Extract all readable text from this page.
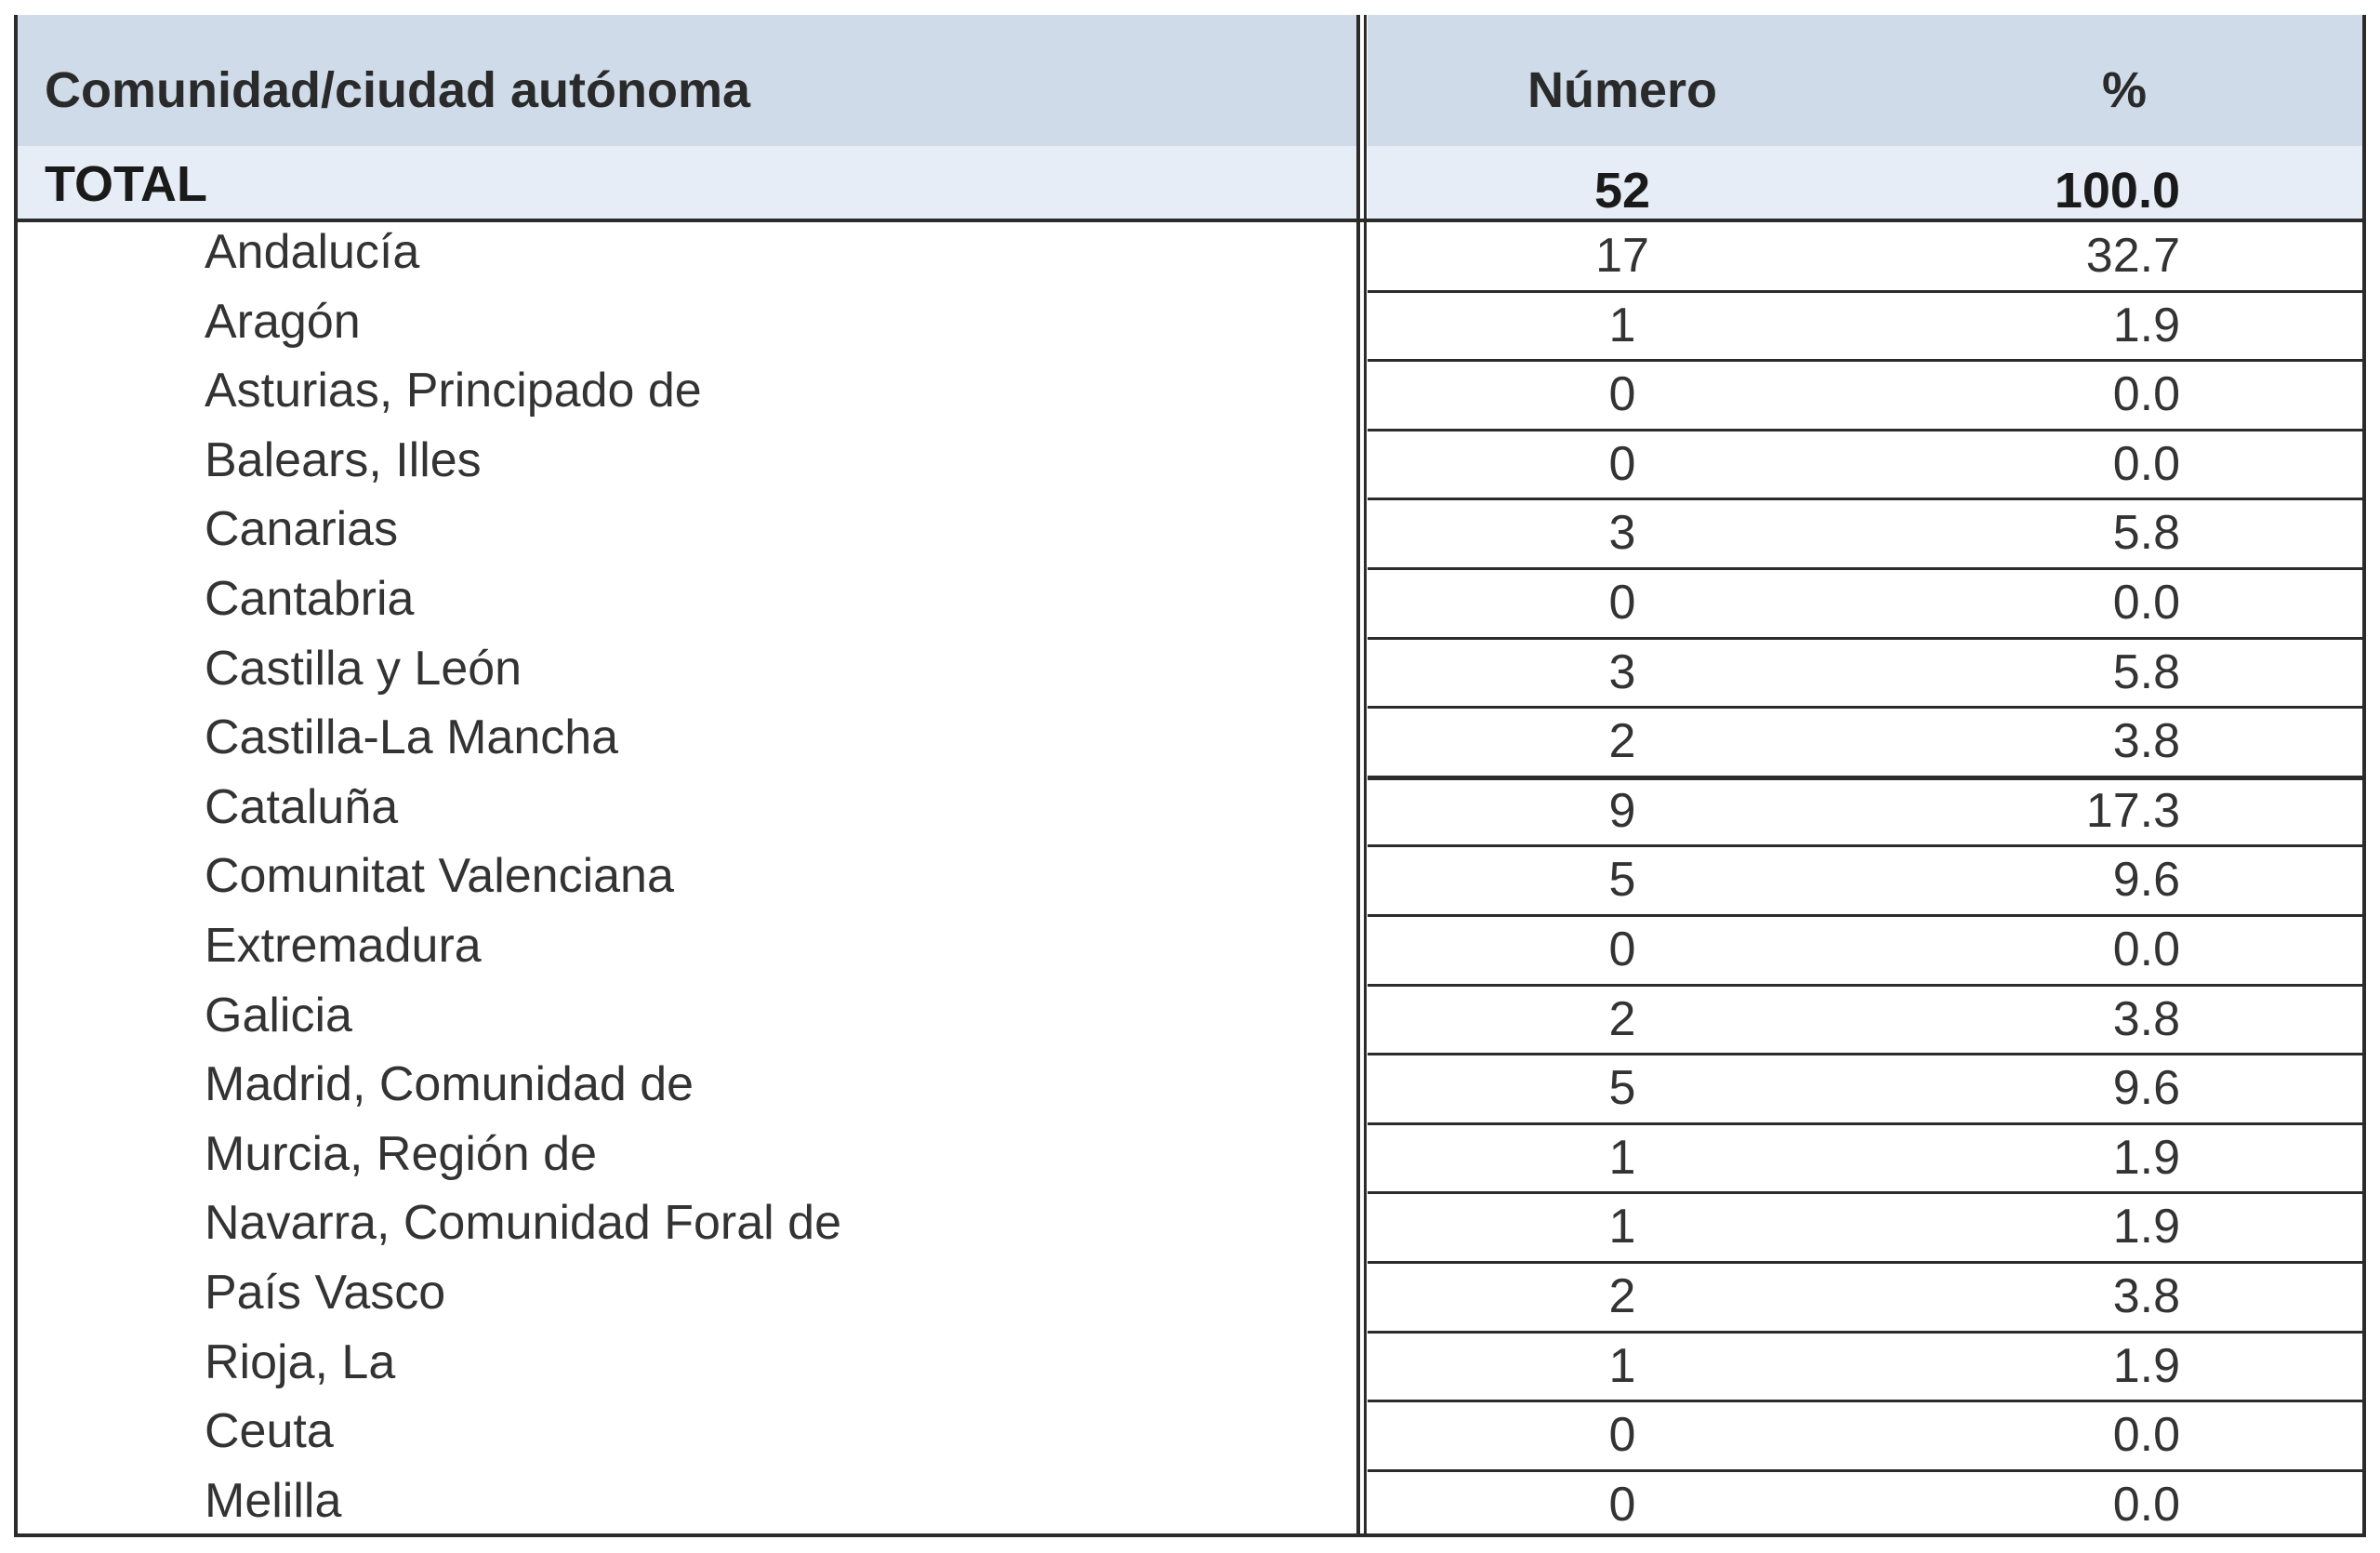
Comunidad/ciudad autónoma	Número	%
TOTAL	52	100.0
Andalucía	17	32.7
Aragón	1	1.9
Asturias, Principado de	0	0.0
Balears, Illes	0	0.0
Canarias	3	5.8
Cantabria	0	0.0
Castilla y León	3	5.8
Castilla-La Mancha	2	3.8
Cataluña	9	17.3
Comunitat Valenciana	5	9.6
Extremadura	0	0.0
Galicia	2	3.8
Madrid, Comunidad de	5	9.6
Murcia, Región de	1	1.9
Navarra, Comunidad Foral de	1	1.9
País Vasco	2	3.8
Rioja, La	1	1.9
Ceuta	0	0.0
Melilla	0	0.0
